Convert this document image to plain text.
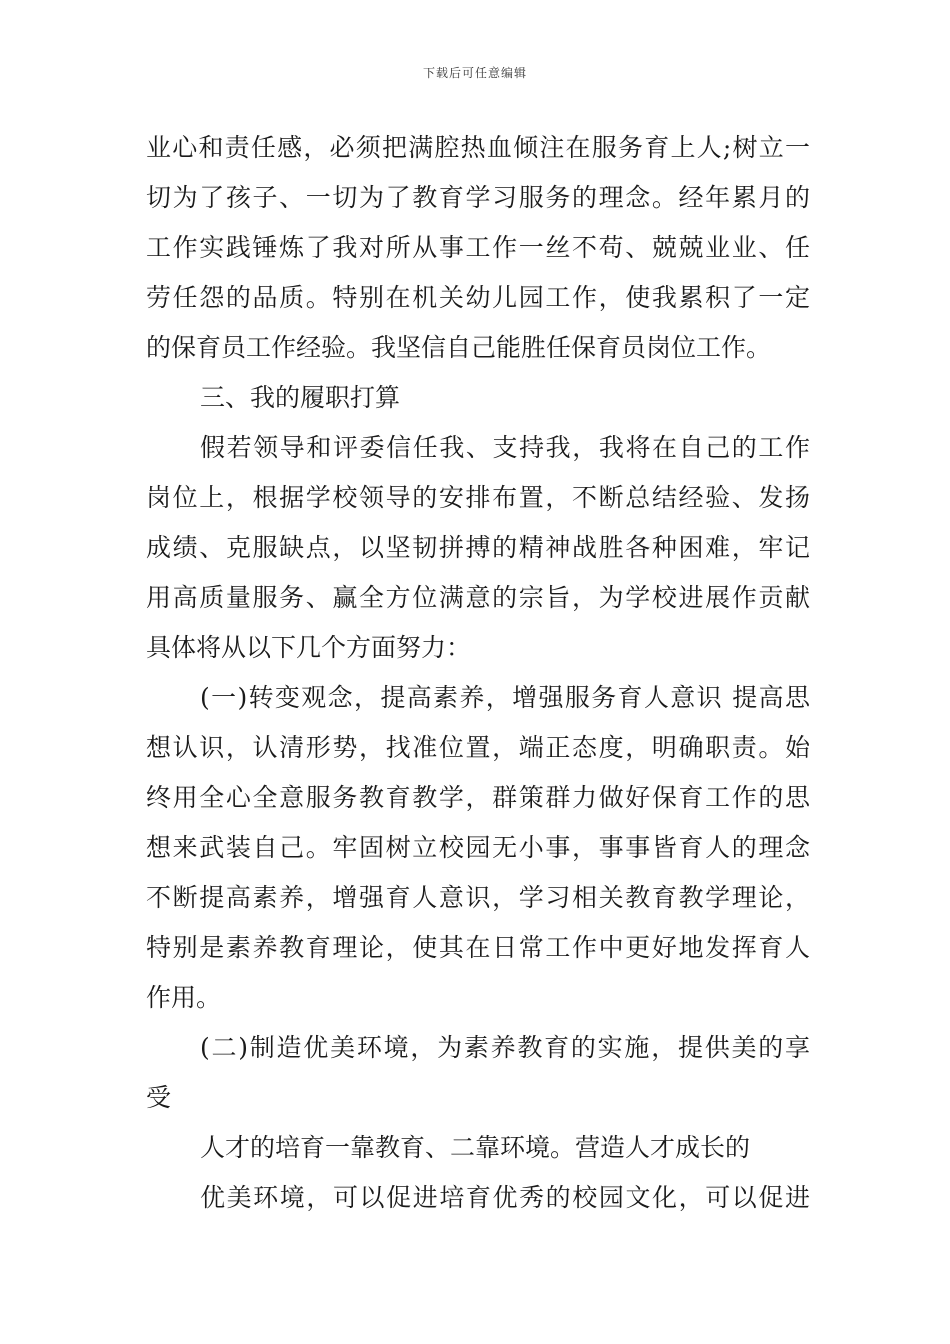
下载后可任意编辑
业心和责任感，必须把满腔热血倾注在服务育上人;树立一
切为了孩子、一切为了教育学习服务的理念。经年累月的
工作实践锤炼了我对所从事工作一丝不苟、兢兢业业、任
劳任怨的品质。特别在机关幼儿园工作，使我累积了一定
的保育员工作经验。我坚信自己能胜任保育员岗位工作。
三、我的履职打算
假若领导和评委信任我、支持我，我将在自己的工作
岗位上，根据学校领导的安排布置，不断总结经验、发扬
成绩、克服缺点，以坚韧拼搏的精神战胜各种困难，牢记
用高质量服务、赢全方位满意的宗旨，为学校进展作贡献
具体将从以下几个方面努力：
(一)转变观念，提高素养，增强服务育人意识 提高思
想认识，认清形势，找准位置，端正态度，明确职责。始
终用全心全意服务教育教学，群策群力做好保育工作的思
想来武装自己。牢固树立校园无小事，事事皆育人的理念
不断提高素养，增强育人意识，学习相关教育教学理论，
特别是素养教育理论，使其在日常工作中更好地发挥育人
作用。
(二)制造优美环境，为素养教育的实施，提供美的享
受
人才的培育一靠教育、二靠环境。营造人才成长的
优美环境，可以促进培育优秀的校园文化，可以促进
